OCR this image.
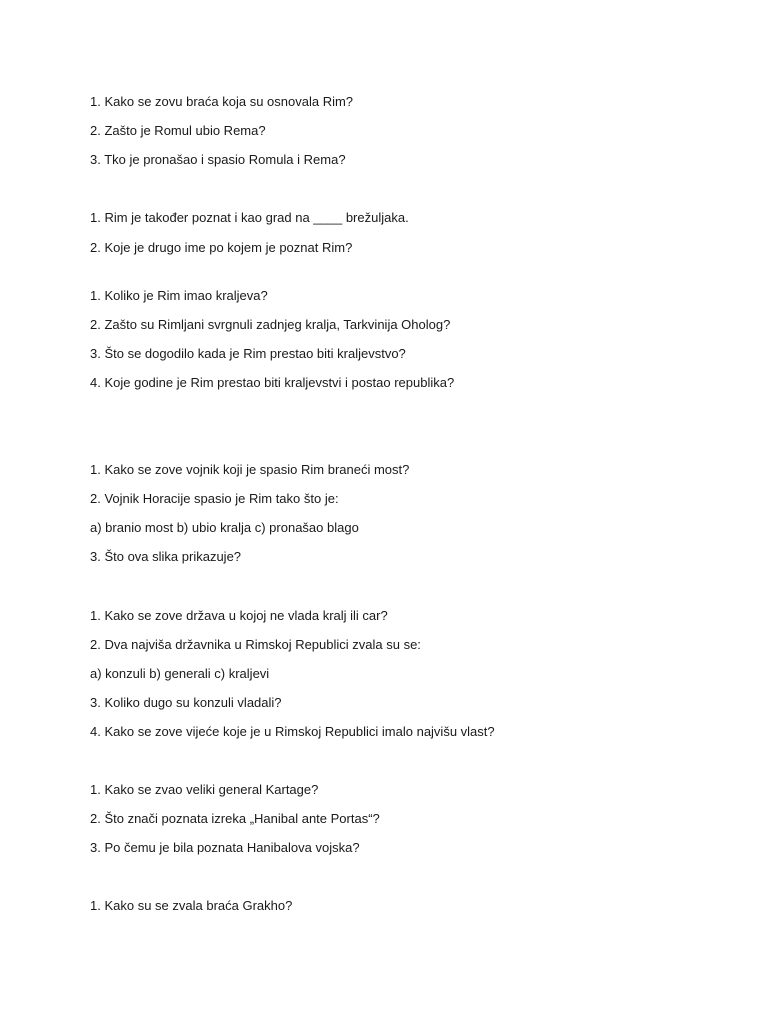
1. Kako se zovu braća koja su osnovala Rim?
2. Zašto je Romul ubio Rema?
3. Tko je pronašao i spasio Romula i Rema?
1. Rim je također poznat i kao grad na ____ brežuljaka.
2. Koje je drugo ime po kojem je poznat Rim?
1. Koliko je Rim imao kraljeva?
2. Zašto su Rimljani svrgnuli zadnjeg kralja, Tarkvinija Oholog?
3. Što se dogodilo kada je Rim prestao biti kraljevstvo?
4. Koje godine je Rim prestao biti kraljevstvi i postao republika?
1. Kako se zove vojnik koji je spasio Rim braneći most?
2. Vojnik Horacije spasio je Rim tako što je:
a) branio most b) ubio kralja c) pronašao blago
3. Što ova slika prikazuje?
1. Kako se zove država u kojoj ne vlada kralj ili car?
2. Dva najviša državnika u Rimskoj Republici zvala su se:
a) konzuli b) generali c) kraljevi
3. Koliko dugo su konzuli vladali?
4. Kako se zove vijeće koje je u Rimskoj Republici imalo najvišu vlast?
1. Kako se zvao veliki general Kartage?
2. Što znači poznata izreka „Hanibal ante Portas“?
3. Po čemu je bila poznata Hanibalova vojska?
1. Kako su se zvala braća Grakho?
